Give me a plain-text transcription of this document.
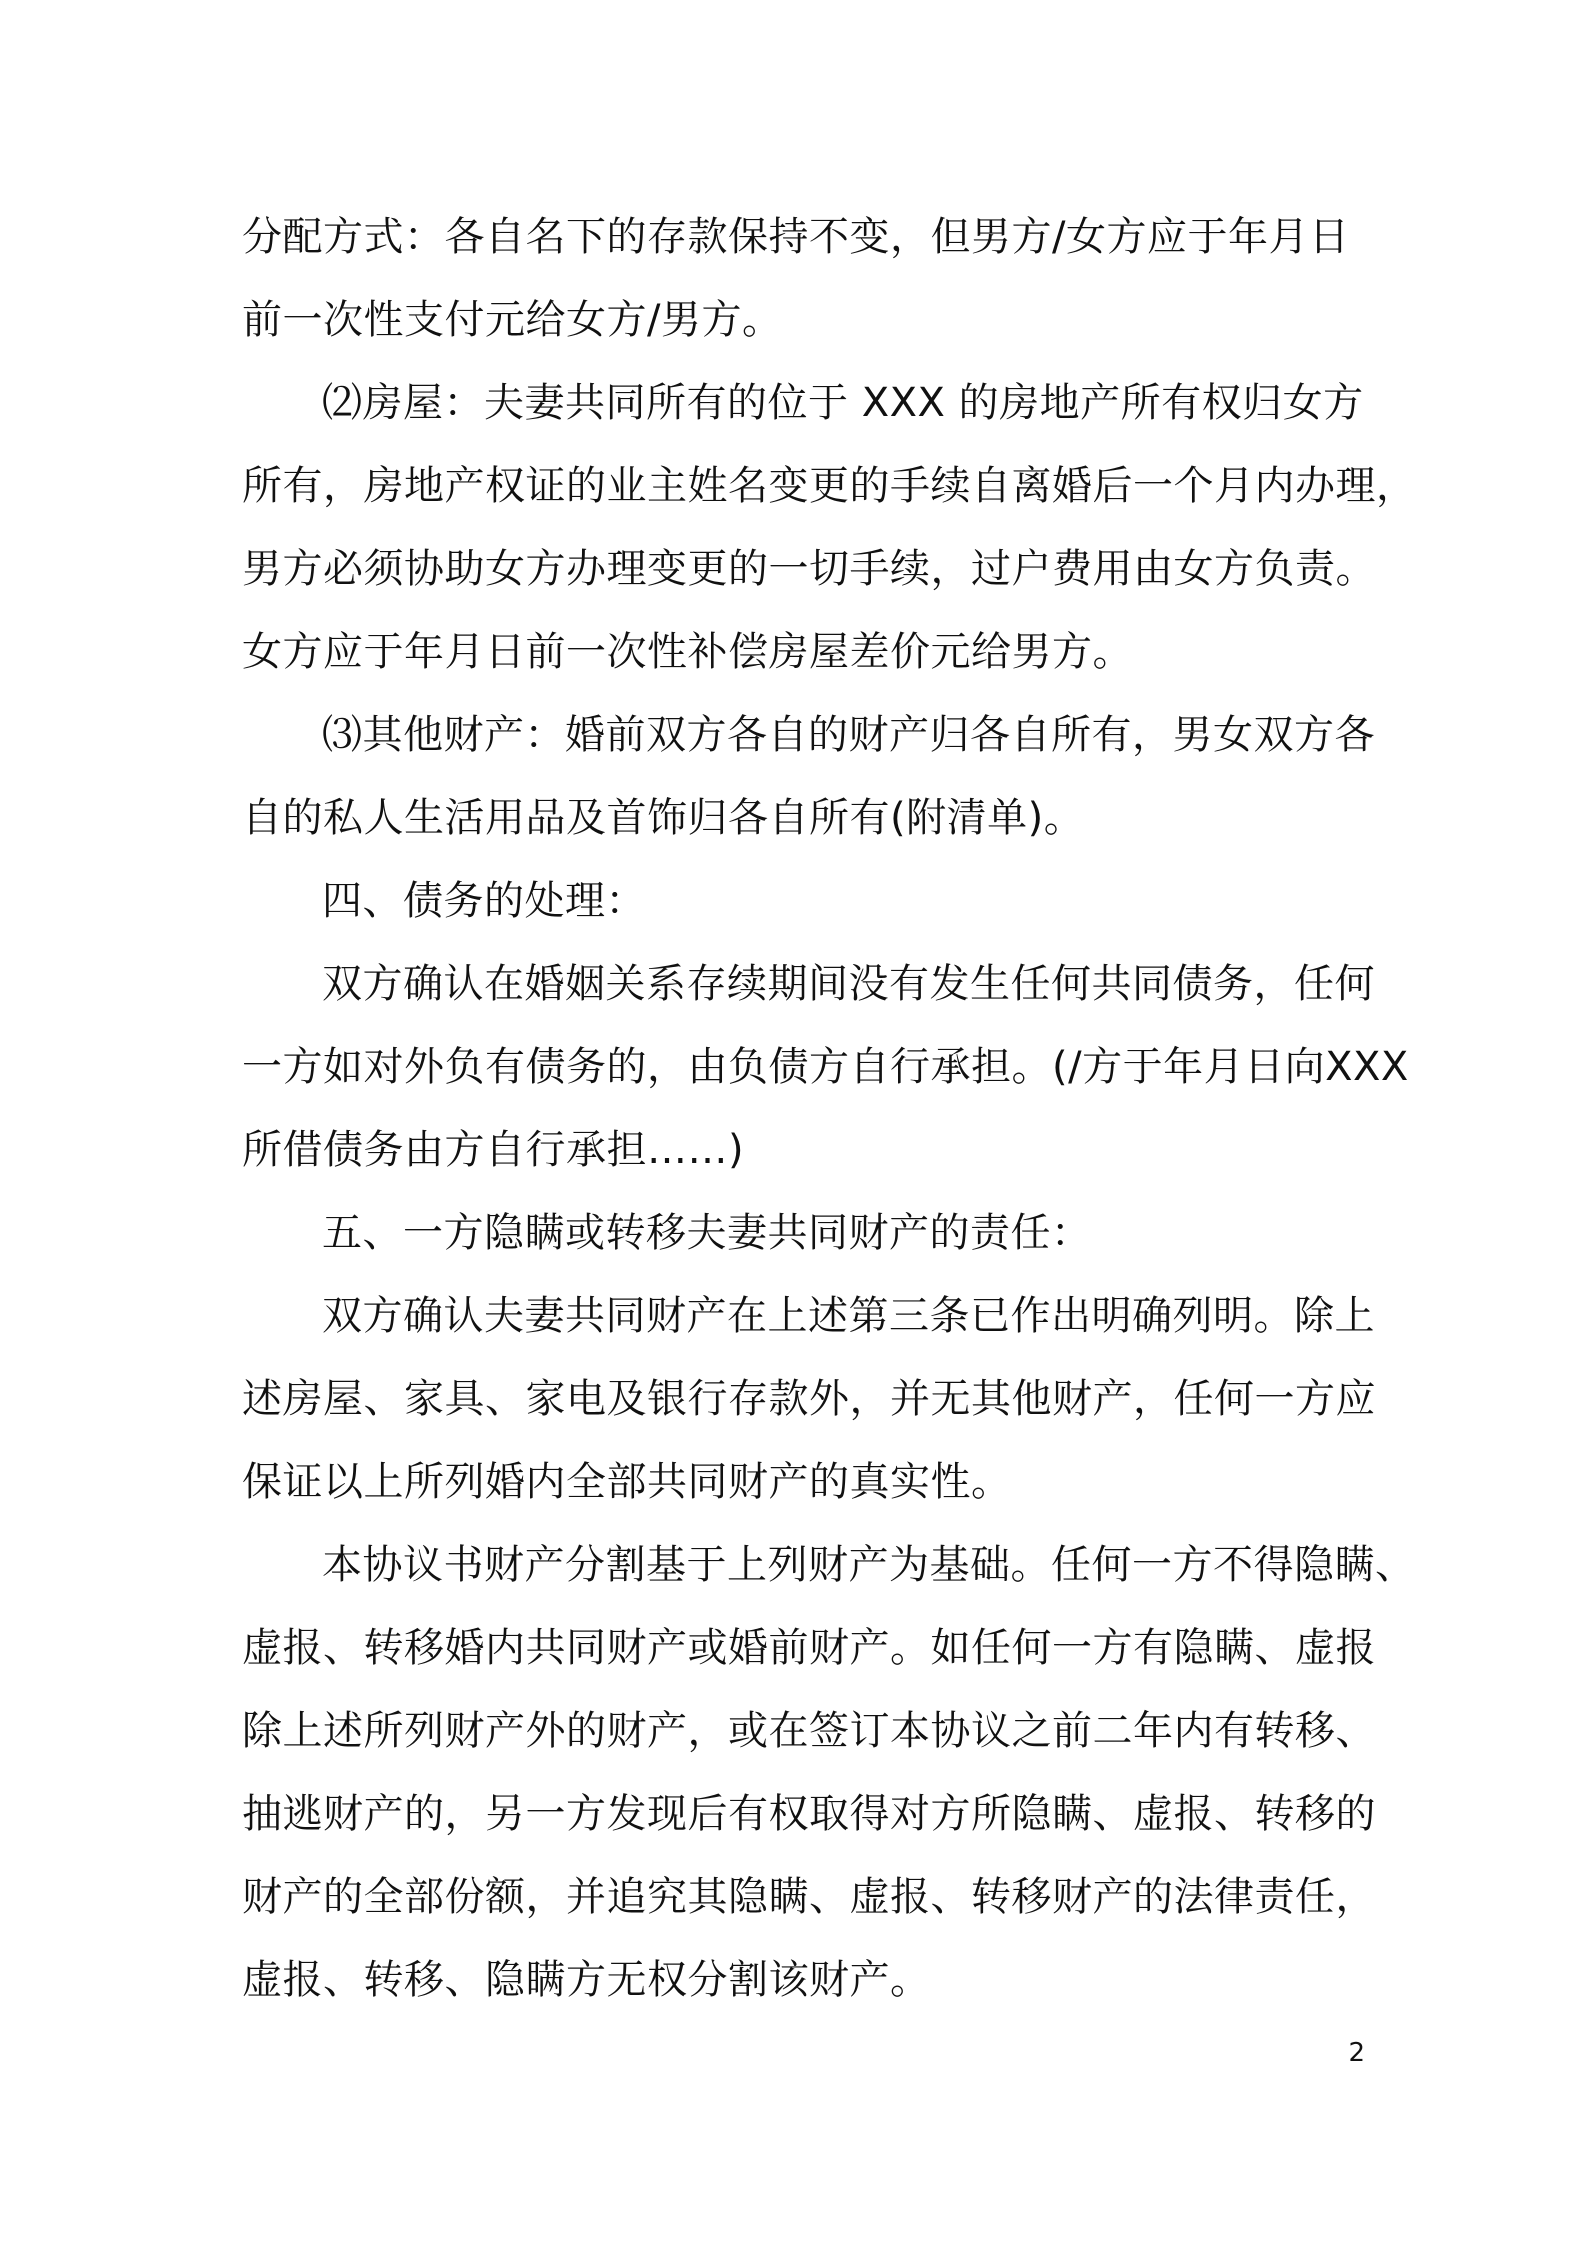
分配方式：各自名下的存款保持不变，但男方/女方应于年月日
前一次性支付元给女方/男方。
⑵房屋：夫妻共同所有的位于 XXX 的房地产所有权归女方
所有，房地产权证的业主姓名变更的手续自离婚后一个月内办理，
男方必须协助女方办理变更的一切手续，过户费用由女方负责。
女方应于年月日前一次性补偿房屋差价元给男方。
⑶其他财产：婚前双方各自的财产归各自所有，男女双方各
自的私人生活用品及首饰归各自所有(附清单)。
四、债务的处理：
双方确认在婚姻关系存续期间没有发生任何共同债务，任何
一方如对外负有债务的，由负债方自行承担。(/方于年月日向XXX
所借债务由方自行承担……)
五、一方隐瞒或转移夫妻共同财产的责任：
双方确认夫妻共同财产在上述第三条已作出明确列明。除上
述房屋、家具、家电及银行存款外，并无其他财产，任何一方应
保证以上所列婚内全部共同财产的真实性。
本协议书财产分割基于上列财产为基础。任何一方不得隐瞒、
虚报、转移婚内共同财产或婚前财产。如任何一方有隐瞒、虚报
除上述所列财产外的财产，或在签订本协议之前二年内有转移、
抽逃财产的，另一方发现后有权取得对方所隐瞒、虚报、转移的
财产的全部份额，并追究其隐瞒、虚报、转移财产的法律责任，
虚报、转移、隐瞒方无权分割该财产。
2
